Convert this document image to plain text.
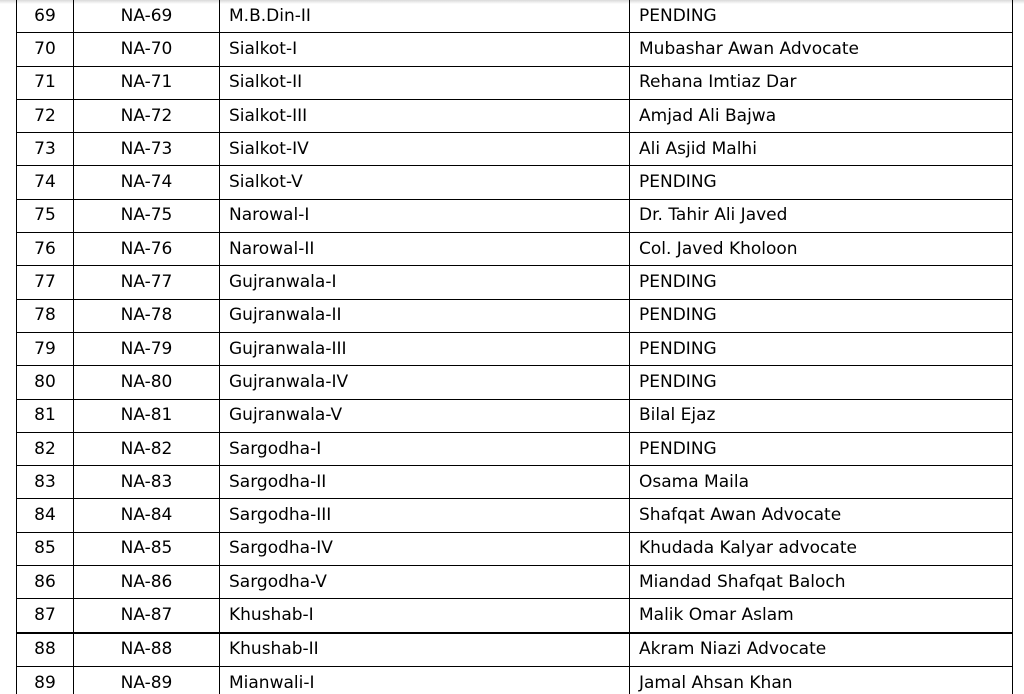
69	NA-69	M.B.Din-II	PENDING
70	NA-70	Sialkot-I	Mubashar Awan Advocate
71	NA-71	Sialkot-II	Rehana Imtiaz Dar
72	NA-72	Sialkot-III	Amjad Ali Bajwa
73	NA-73	Sialkot-IV	Ali Asjid Malhi
74	NA-74	Sialkot-V	PENDING
75	NA-75	Narowal-I	Dr. Tahir Ali Javed
76	NA-76	Narowal-II	Col. Javed Kholoon
77	NA-77	Gujranwala-I	PENDING
78	NA-78	Gujranwala-II	PENDING
79	NA-79	Gujranwala-III	PENDING
80	NA-80	Gujranwala-IV	PENDING
81	NA-81	Gujranwala-V	Bilal Ejaz
82	NA-82	Sargodha-I	PENDING
83	NA-83	Sargodha-II	Osama Maila
84	NA-84	Sargodha-III	Shafqat Awan Advocate
85	NA-85	Sargodha-IV	Khudada Kalyar advocate
86	NA-86	Sargodha-V	Miandad Shafqat Baloch
87	NA-87	Khushab-I	Malik Omar Aslam
88	NA-88	Khushab-II	Akram Niazi Advocate
89	NA-89	Mianwali-I	Jamal Ahsan Khan
